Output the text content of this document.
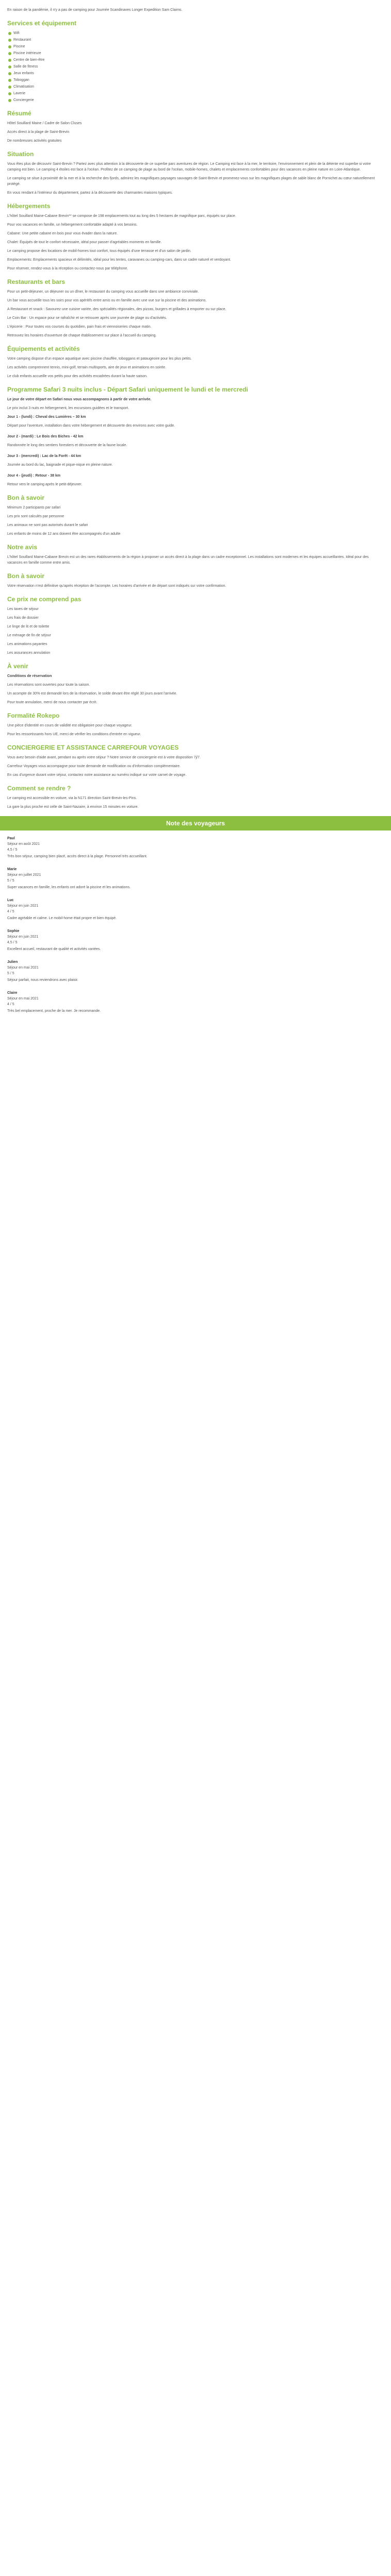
En raison de la pandémie, il n'y a pas de camping pour Journée Scandinaves Longer Expedition Sam Claims.

Services et équipement
Wifi
Restaurant
Piscine
Piscine intérieure
Centre de bien-être
Salle de fitness
Jeux enfants
Toboggan
Climatisation
Laverie
Conciergerie
Résumé

Hôtel Souillard Maine / Cadre de Salon Cluses

Accès direct à la plage de Saint-Brevin

De nombreuses activités gratuites

Situation

Vous êtes plus de découvrir Saint-Brevin ? Partez avec plus attention à la découverte de ce superbe parc aventures de région. Le Camping est face à la mer, le territoire, l'environnement et plein de la détente est superbe si votre camping est bien. Le camping 4 étoiles est face à l'océan. Profitez de ce camping de plage au bord de l'océan, mobile-homes, chalets et emplacements confortables pour des vacances en pleine nature en Loire-Atlantique.

Le camping se situe à proximité de la mer et à la recherche des fjords, admirez les magnifiques paysages sauvages de Saint-Brevin et promenez-vous sur les magnifiques plages de sable blanc de Pornichet au cœur naturellement protégé.

En vous rendant à l'intérieur du département, partez à la découverte des charmantes maisons typiques.

Hébergements

L'hôtel Souillard Maine-Cabane Brevin** se compose de 198 emplacements tout au long des 5 hectares de magnifique parc, équipés sur place.

Pour vos vacances en famille, un hébergement confortable adapté à vos besoins.

Cabane: Une petite cabane en bois pour vous évader dans la nature.

Chalet: Équipés de tout le confort nécessaire, idéal pour passer d'agréables moments en famille.

Le camping propose des locations de mobil-homes tout confort, tous équipés d'une terrasse et d'un salon de jardin.

Emplacements: Emplacements spacieux et délimités, idéal pour les tentes, caravanes ou camping-cars, dans un cadre naturel et verdoyant.

Pour réserver, rendez-vous à la réception ou contactez-nous par téléphone.

Restaurants et bars

Pour un petit-déjeuner, un déjeuner ou un dîner, le restaurant du camping vous accueille dans une ambiance conviviale.

Un bar vous accueille tous les soirs pour vos apéritifs entre amis ou en famille avec une vue sur la piscine et des animations.

A Restaurant et snack : Savourez une cuisine variée, des spécialités régionales, des pizzas, burgers et grillades à emporter ou sur place.

Le Coin Bar : Un espace pour se rafraîchir et se retrouver après une journée de plage ou d'activités.

L'épicerie : Pour toutes vos courses du quotidien, pain frais et viennoiseries chaque matin.

Retrouvez les horaires d'ouverture de chaque établissement sur place à l'accueil du camping.

Équipements et activités

Votre camping dispose d'un espace aquatique avec piscine chauffée, toboggans et pataugeoire pour les plus petits.

Les activités comprennent tennis, mini-golf, terrain multisports, aire de jeux et animations en soirée.

Le club enfants accueille vos petits pour des activités encadrées durant la haute saison.

Programme Safari 3 nuits inclus - Départ Safari uniquement le lundi et le mercredi

Le jour de votre départ en Safari nous vous accompagnons à partir de votre arrivée.

Le prix inclut 3 nuits en hébergement, les excursions guidées et le transport.

Jour 1 - (lundi) : Cheval des Lumières – 30 km

Départ pour l'aventure, installation dans votre hébergement et découverte des environs avec votre guide.

Jour 2 - (mardi) : Le Bois des Biches - 42 km

Randonnée le long des sentiers forestiers et découverte de la faune locale.

Jour 3 - (mercredi) : Lac de la Forêt - 44 km

Journée au bord du lac, baignade et pique-nique en pleine nature.

Jour 4 - (jeudi) : Retour - 38 km

Retour vers le camping après le petit-déjeuner.

Bon à savoir

Minimum 2 participants par safari

Les prix sont calculés par personne

Les animaux ne sont pas autorisés durant le safari

Les enfants de moins de 12 ans doivent être accompagnés d'un adulte

Notre avis

L'hôtel Souillard Maine-Cabane Brevin est un des rares établissements de la région à proposer un accès direct à la plage dans un cadre exceptionnel. Les installations sont modernes et les équipes accueillantes. Idéal pour des vacances en famille comme entre amis.

Bon à savoir

Votre réservation n'est définitive qu'après réception de l'acompte. Les horaires d'arrivée et de départ sont indiqués sur votre confirmation.

Ce prix ne comprend pas

Les taxes de séjour

Les frais de dossier

Le linge de lit et de toilette

Le ménage de fin de séjour

Les animations payantes

Les assurances annulation

À venir

Conditions de réservation

Les réservations sont ouvertes pour toute la saison.

Un acompte de 30% est demandé lors de la réservation, le solde devant être réglé 30 jours avant l'arrivée.

Pour toute annulation, merci de nous contacter par écrit.

Formalité Rokepo

Une pièce d'identité en cours de validité est obligatoire pour chaque voyageur.

Pour les ressortissants hors UE, merci de vérifier les conditions d'entrée en vigueur.

CONCIERGERIE ET ASSISTANCE CARREFOUR VOYAGES

Vous avez besoin d'aide avant, pendant ou après votre séjour ? Notre service de conciergerie est à votre disposition 7j/7.

Carrefour Voyages vous accompagne pour toute demande de modification ou d'information complémentaire.

En cas d'urgence durant votre séjour, contactez notre assistance au numéro indiqué sur votre carnet de voyage.

Comment se rendre ?

Le camping est accessible en voiture, via la N171 direction Saint-Brevin-les-Pins.

La gare la plus proche est celle de Saint-Nazaire, à environ 15 minutes en voiture.

Note des voyageurs

Paul

Séjour en août 2021

4,5 / 5

Très bon séjour, camping bien placé, accès direct à la plage. Personnel très accueillant.

Marie

Séjour en juillet 2021

5 / 5

Super vacances en famille, les enfants ont adoré la piscine et les animations.

Luc

Séjour en juin 2021

4 / 5

Cadre agréable et calme. Le mobil-home était propre et bien équipé.

Sophie

Séjour en juin 2021

4,5 / 5

Excellent accueil, restaurant de qualité et activités variées.

Julien

Séjour en mai 2021

5 / 5

Séjour parfait, nous reviendrons avec plaisir.

Claire

Séjour en mai 2021

4 / 5

Très bel emplacement, proche de la mer. Je recommande.
